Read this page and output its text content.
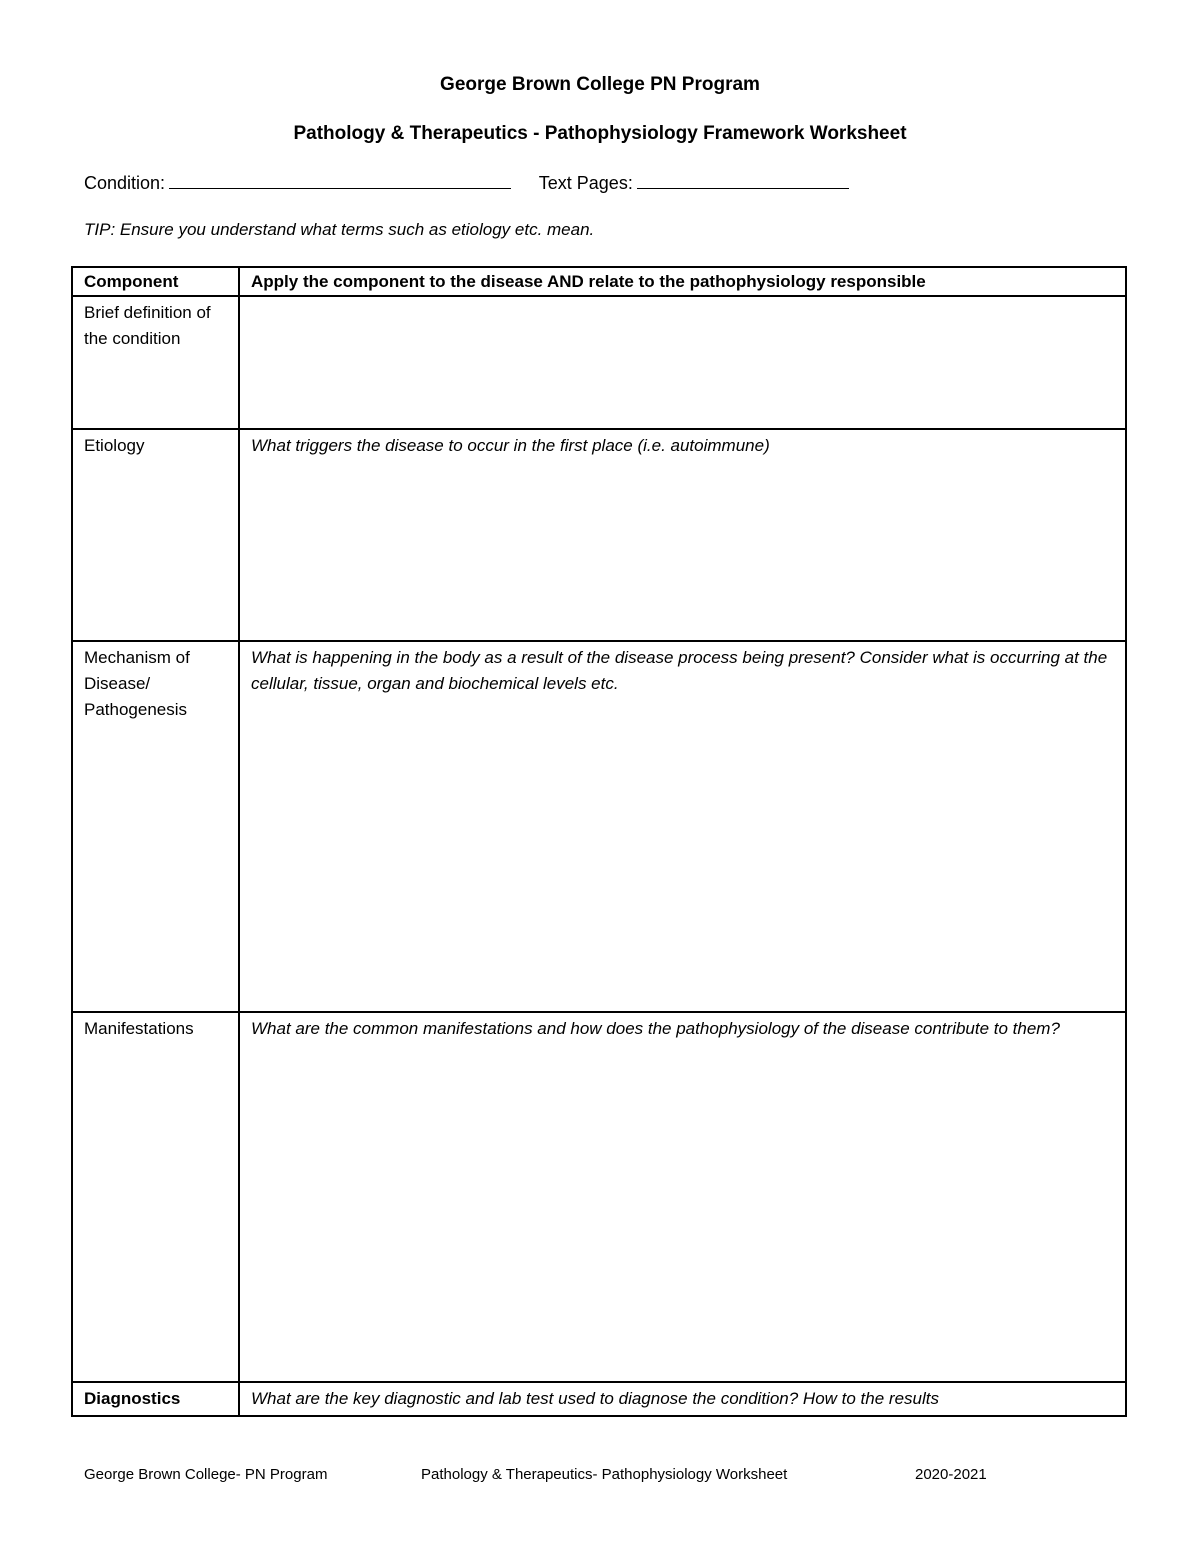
George Brown College PN Program
Pathology & Therapeutics - Pathophysiology Framework Worksheet
Condition:	Text Pages:
TIP: Ensure you understand what terms such as etiology etc. mean.
Component	Apply the component to the disease AND relate to the pathophysiology responsible
Brief definition of the condition	
Etiology	What triggers the disease to occur in the first place (i.e. autoimmune)
Mechanism of Disease/ Pathogenesis	What is happening in the body as a result of the disease process being present? Consider what is occurring at the cellular, tissue, organ and biochemical levels etc.
Manifestations	What are the common manifestations and how does the pathophysiology of the disease contribute to them?
Diagnostics	What are the key diagnostic and lab test used to diagnose the condition? How to the results
George Brown College- PN Program	Pathology & Therapeutics- Pathophysiology Worksheet	2020-2021
